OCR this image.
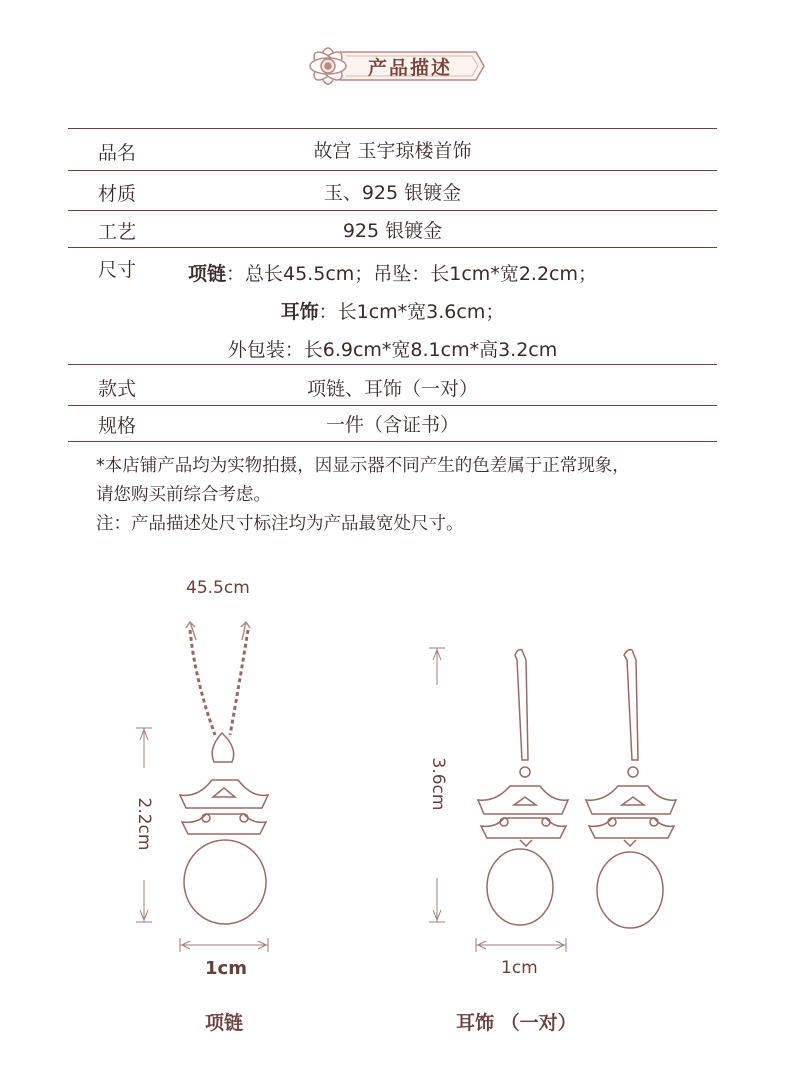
产品描述
品名	故宫 玉宇琼楼首饰
材质	玉、925 银镀金
工艺	925 银镀金
尺寸	项链：总长45.5cm；吊坠：长1cm*宽2.2cm；
耳饰：长1cm*宽3.6cm；
外包装：长6.9cm*宽8.1cm*高3.2cm
款式	项链、耳饰（一对）
规格	一件（含证书）
*本店铺产品均为实物拍摄，因显示器不同产生的色差属于正常现象，
请您购买前综合考虑。
注：产品描述处尺寸标注均为产品最宽处尺寸。
45.5cm
2.2cm
1cm
3.6cm
1cm
项链	耳饰 （一对）
